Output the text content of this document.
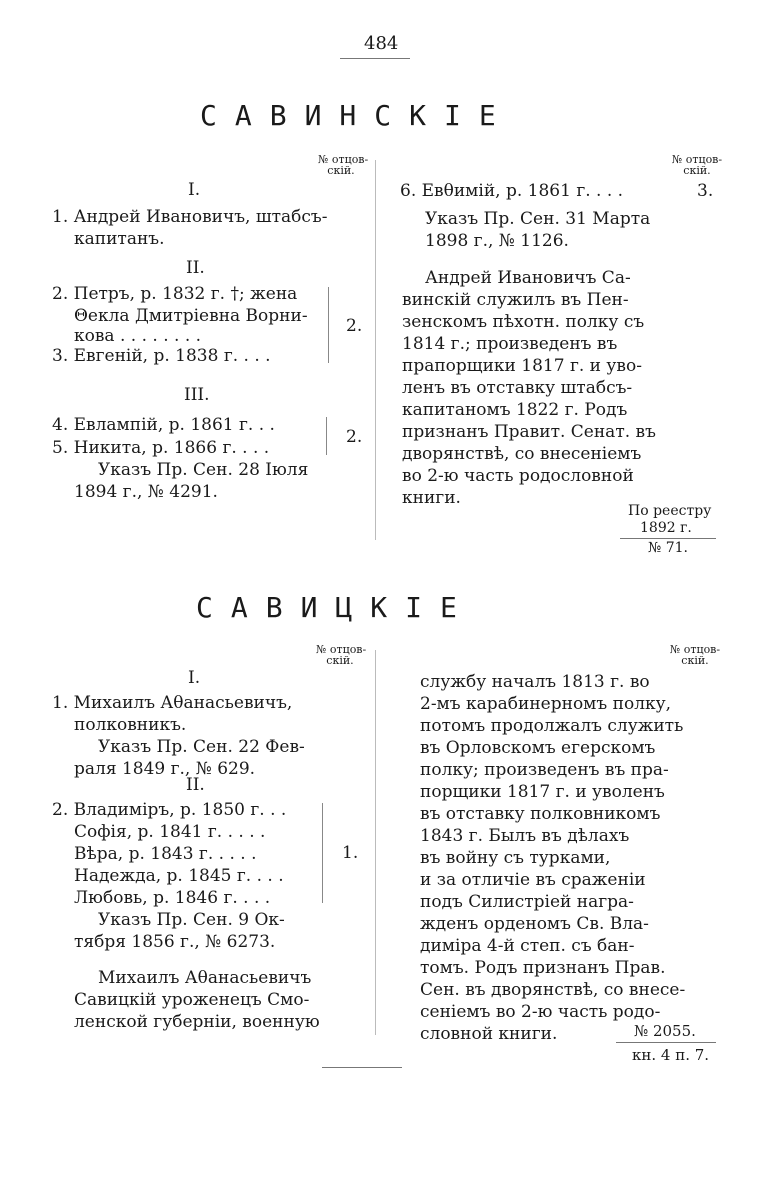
484
САВИНСКIЕ
№ отцов-
скій.
№ отцов-
скій.
I.
1. Андрей Ивановичъ, штабсъ-
капитанъ.
II.
2. Петръ, р. 1832 г. †; жена
Θекла Дмитріевна Ворни-
кова . . . . . . . .
3. Евгеній, р. 1838 г. . . .
2.
III.
4. Евлампій, р. 1861 г. . .
5. Никита, р. 1866 г. . . .
2.
Указъ Пр. Сен. 28 Іюля
1894 г., № 4291.
6. Евθимій, р. 1861 г. . . .	3.
Указъ Пр. Сен. 31 Марта
1898 г., № 1126.
Андрей Ивановичъ Са-
винскій служилъ въ Пен-
зенскомъ пѣхотн. полку съ
1814 г.; произведенъ въ
прапорщики 1817 г. и уво-
ленъ въ отставку штабсъ-
капитаномъ 1822 г. Родъ
признанъ Правит. Сенат. въ
дворянствѣ, со внесеніемъ
во 2-ю часть родословной
книги.
По реестру
1892 г.
№ 71.
САВИЦКIЕ
№ отцов-
скій.
№ отцов-
скій.
I.
1. Михаилъ Аθанасьевичъ,
полковникъ.
Указъ Пр. Сен. 22 Фев-
раля 1849 г., № 629.
II.
2. Владиміръ, р. 1850 г. . .
Софія, р. 1841 г. . . . .
Вѣра, р. 1843 г. . . . .
Надежда, р. 1845 г. . . .
Любовь, р. 1846 г. . . .
1.
Указъ Пр. Сен. 9 Ок-
тября 1856 г., № 6273.
Михаилъ Аθанасьевичъ
Савицкій уроженецъ Смо-
ленской губерніи, военную
службу началъ 1813 г. во
2-мъ карабинерномъ полку,
потомъ продолжалъ служить
въ Орловскомъ егерскомъ
полку; произведенъ въ пра-
порщики 1817 г. и уволенъ
въ отставку полковникомъ
1843 г. Былъ въ дѣлахъ
въ войну съ турками,
и за отличіе въ сраженіи
подъ Силистріей награ-
жденъ орденомъ Св. Вла-
диміра 4-й степ. съ бан-
томъ. Родъ признанъ Прав.
Сен. въ дворянствѣ, со внесе-
сеніемъ во 2-ю часть родо-
словной книги.	№ 2055.
кн. 4 п. 7.
